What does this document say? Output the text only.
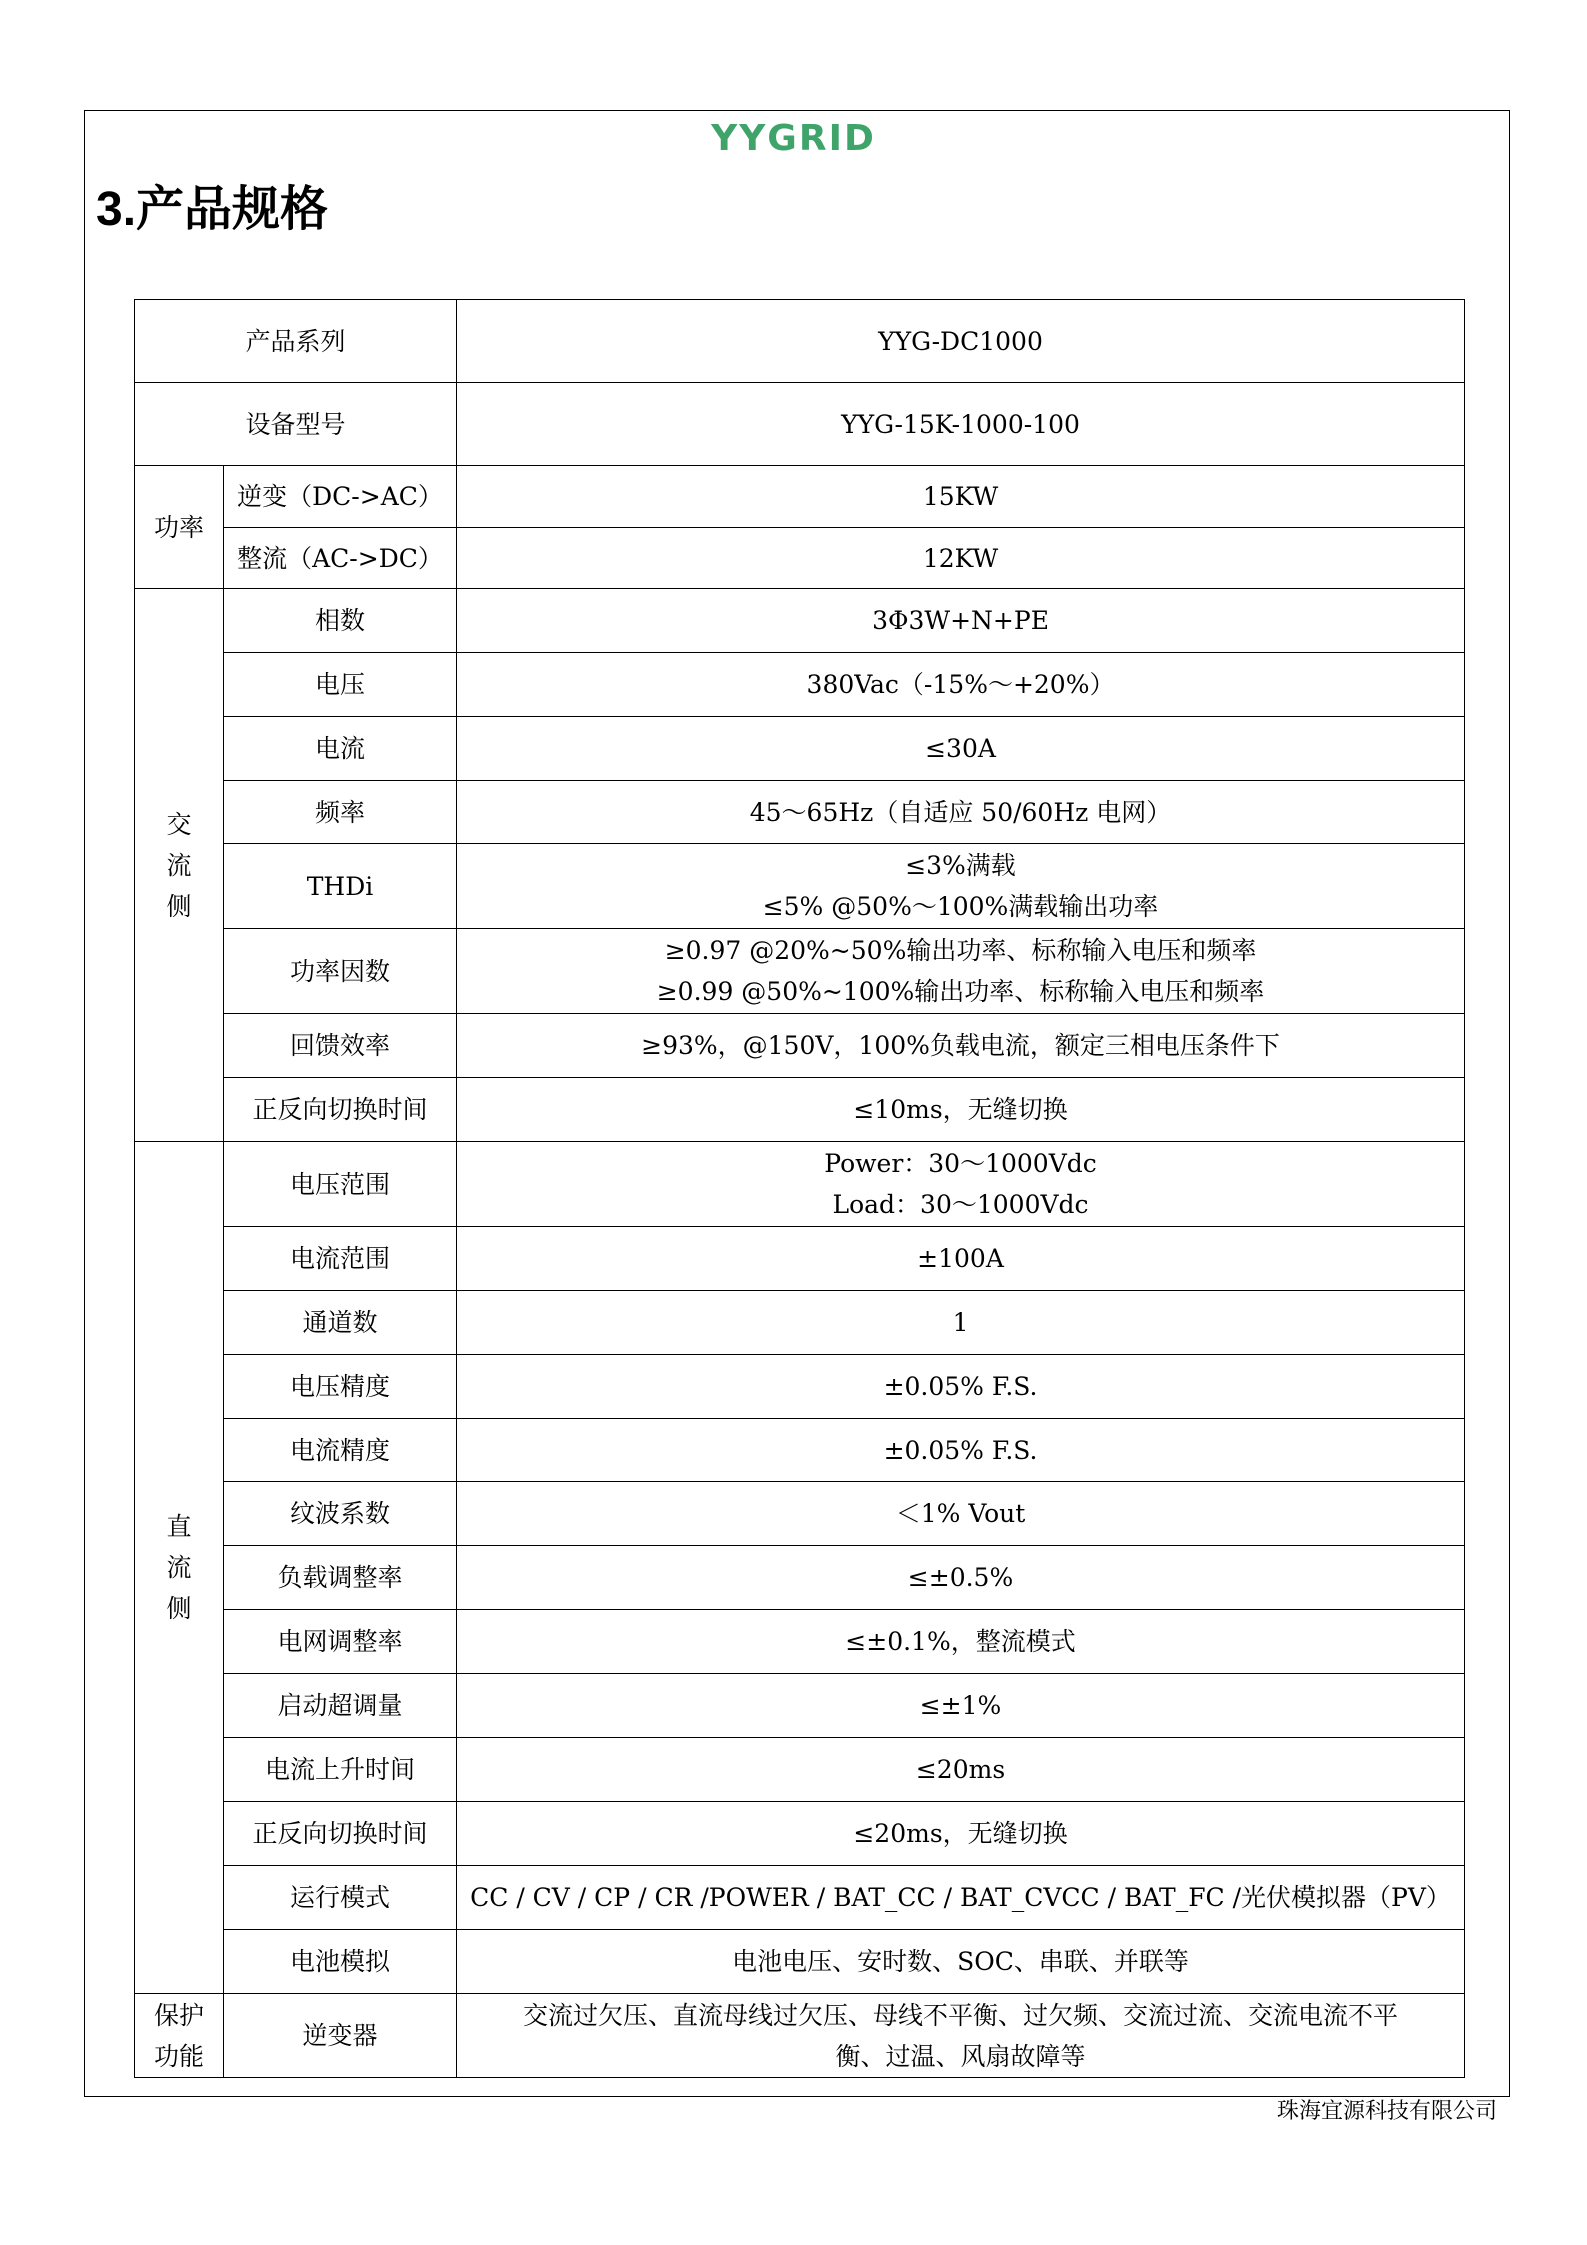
YYGRID
3.产品规格
产品系列		YYG-DC1000
设备型号		YYG-15K-1000-100
功率	逆变（DC->AC）	15KW
	整流（AC->DC）	12KW
交
流
侧	相数	3Φ3W+N+PE
	电压	380Vac（-15%～+20%）
	电流	≤30A
	频率	45～65Hz（自适应 50/60Hz 电网）
	THDi	≤3%满载
≤5% @50%～100%满载输出功率
	功率因数	≥0.97 @20%~50%输出功率、标称输入电压和频率
≥0.99 @50%~100%输出功率、标称输入电压和频率
	回馈效率	≥93%，@150V，100%负载电流，额定三相电压条件下
	正反向切换时间	≤10ms，无缝切换
直
流
侧	电压范围	Power：30～1000Vdc
Load：30～1000Vdc
	电流范围	±100A
	通道数	1
	电压精度	±0.05% F.S.
	电流精度	±0.05% F.S.
	纹波系数	＜1% Vout
	负载调整率	≤±0.5%
	电网调整率	≤±0.1%，整流模式
	启动超调量	≤±1%
	电流上升时间	≤20ms
	正反向切换时间	≤20ms，无缝切换
	运行模式	CC / CV / CP / CR /POWER / BAT_CC / BAT_CVCC / BAT_FC /光伏模拟器（PV）
	电池模拟	电池电压、安时数、SOC、串联、并联等
保护
功能	逆变器	交流过欠压、直流母线过欠压、母线不平衡、过欠频、交流过流、交流电流不平
衡、过温、风扇故障等
珠海宜源科技有限公司
